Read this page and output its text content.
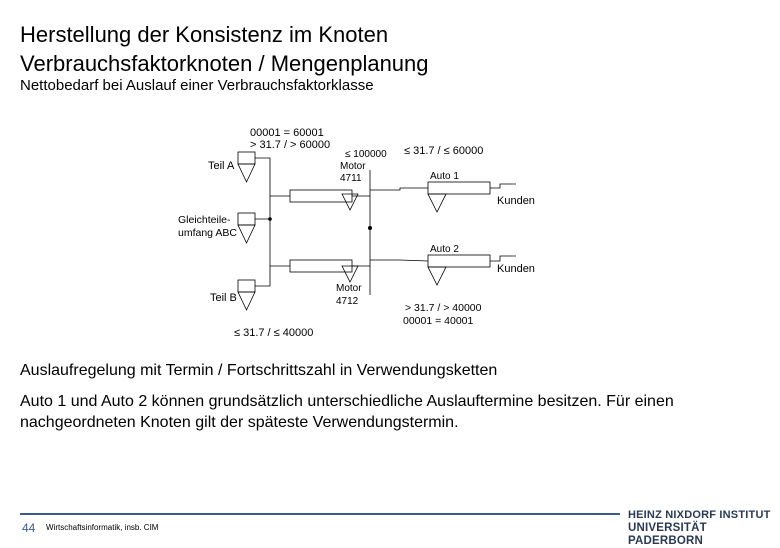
Herstellung der Konsistenz im Knoten
Verbrauchsfaktorknoten / Mengenplanung
Nettobedarf bei Auslauf einer Verbrauchsfaktorklasse
00001 = 60001
> 31.7 / > 60000
≤ 100000
Motor
4711
≤ 31.7 / ≤ 60000
Auto 1
Kunden
Teil A
Gleichteile-
umfang ABC
Auto 2
Kunden
Teil B
Motor
4712
> 31.7 / > 40000
00001 = 40001
≤ 31.7 / ≤ 40000
Auslaufregelung mit Termin / Fortschrittszahl in Verwendungsketten
Auto 1 und Auto 2 können grundsätzlich unterschiedliche Auslauftermine besitzen. Für einen nachgeordneten Knoten gilt der späteste Verwendungstermin.
44 Wirtschaftsinformatik, insb. CIM
HEINZ NIXDORF INSTITUT
UNIVERSITÄT PADERBORN
